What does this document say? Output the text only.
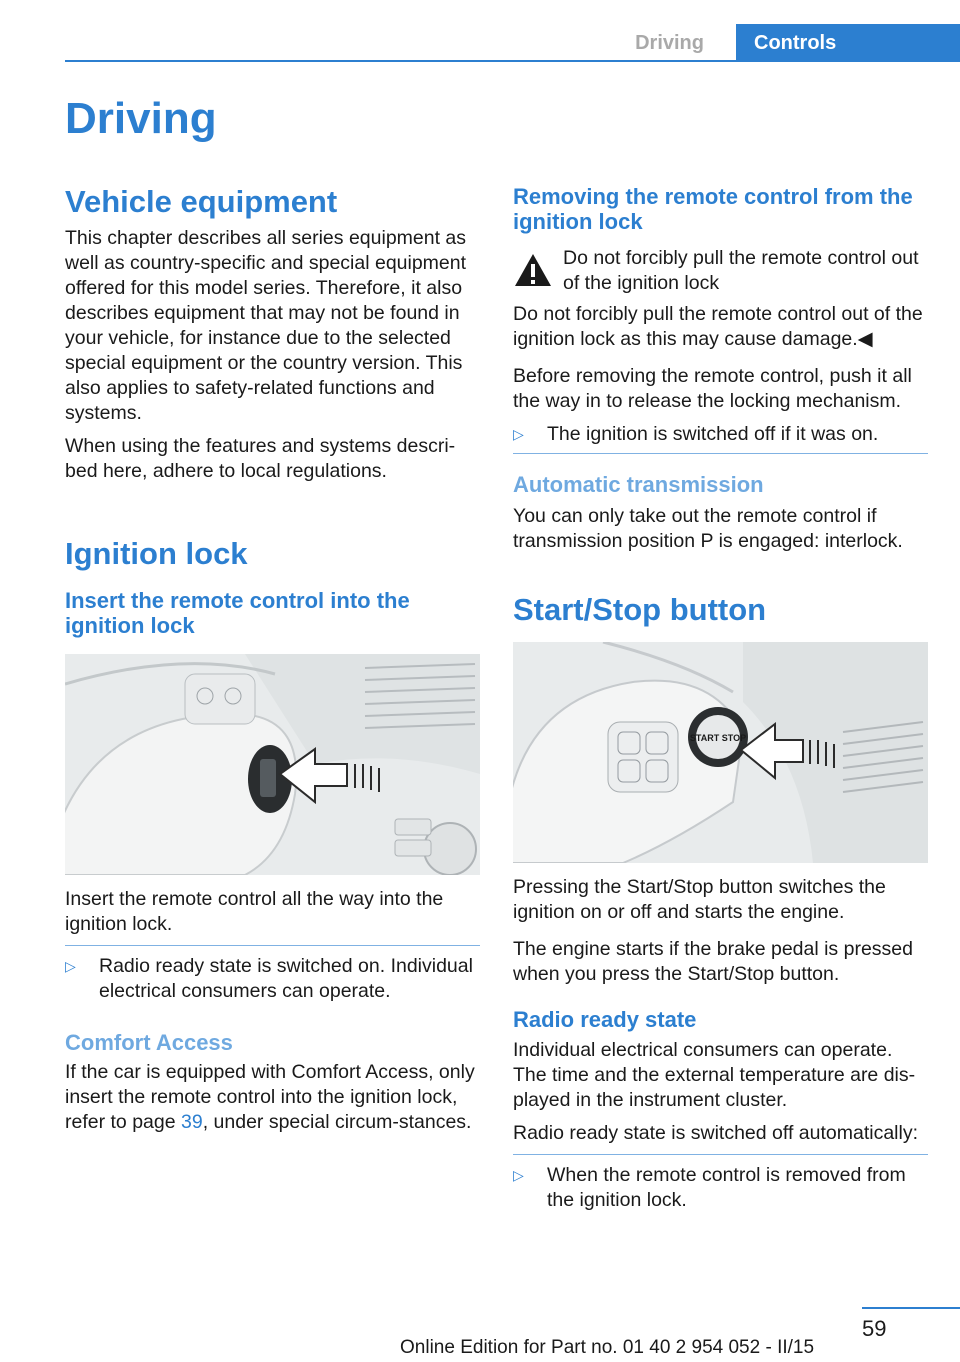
Driving	Controls
Driving
Vehicle equipment

This chapter describes all series equipment as well as country-specific and special equipment offered for this model series. Therefore, it also describes equipment that may not be found in your vehicle, for instance due to the selected special equipment or the country version. This also applies to safety-related functions and systems.

When using the features and systems descri‐bed here, adhere to local regulations.

Ignition lock
Insert the remote control into the ignition lock

Insert the remote control all the way into the ignition lock.

▷ Radio ready state is switched on. Individual electrical consumers can operate.
Comfort Access

If the car is equipped with Comfort Access, only insert the remote control into the ignition lock, refer to page 39, under special circum‐stances.

Removing the remote control from the ignition lock

Do not forcibly pull the remote control out of the ignition lock

Do not forcibly pull the remote control out of the ignition lock as this may cause damage.◀

Before removing the remote control, push it all the way in to release the locking mechanism.

▷ The ignition is switched off if it was on.
Automatic transmission

You can only take out the remote control if transmission position P is engaged: interlock.

Start/Stop button
START STOP

Pressing the Start/Stop button switches the ignition on or off and starts the engine.

The engine starts if the brake pedal is pressed when you press the Start/Stop button.

Radio ready state

Individual electrical consumers can operate. The time and the external temperature are dis‐played in the instrument cluster.

Radio ready state is switched off automatically:

▷ When the remote control is removed from the ignition lock.
59
Online Edition for Part no. 01 40 2 954 052 - II/15
